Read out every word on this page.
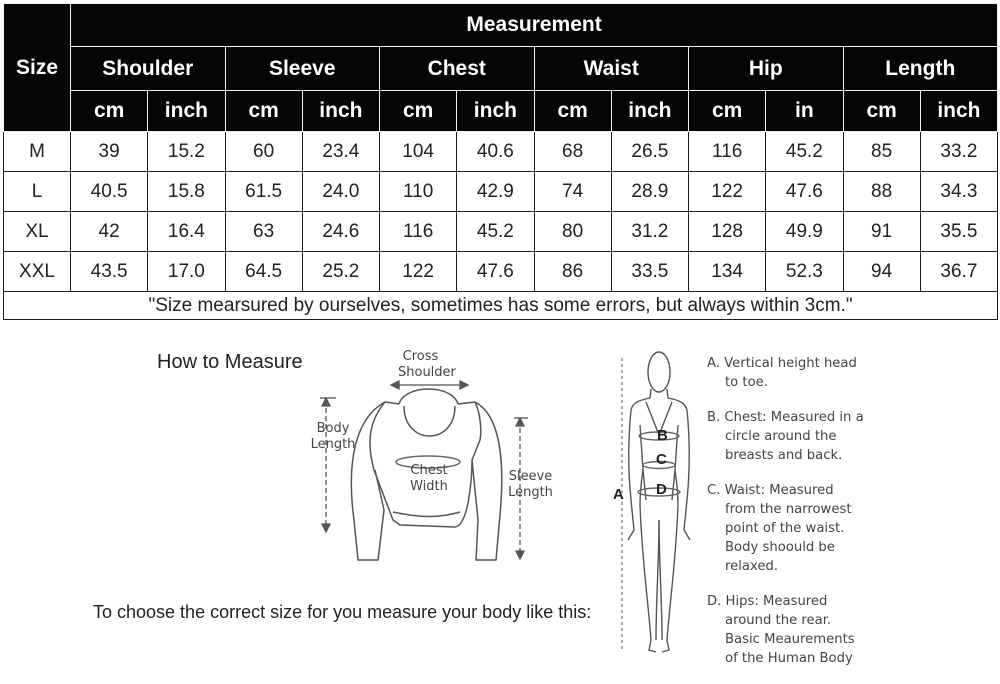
Size	Measurement											
	Shoulder		Sleeve		Chest		Waist		Hip		Length	
	cm	inch	cm	inch	cm	inch	cm	inch	cm	in	cm	inch
M	39	15.2	60	23.4	104	40.6	68	26.5	116	45.2	85	33.2
L	40.5	15.8	61.5	24.0	110	42.9	74	28.9	122	47.6	88	34.3
XL	42	16.4	63	24.6	116	45.2	80	31.2	128	49.9	91	35.5
XXL	43.5	17.0	64.5	25.2	122	47.6	86	33.5	134	52.3	94	36.7
"Size mearsured by ourselves, sometimes has some errors, but always within 3cm."												
How to Measure
To choose the correct size for you measure your body like this:
Cross
Shoulder
Body
Length
Chest
Width
Sleeve
Length	A
B
C
D

A. Vertical height head
to toe.

B. Chest: Measured in a
circle around the
breasts and back.

C. Waist: Measured
from the narrowest
point of the waist.
Body shoould be
relaxed.

D. Hips: Measured
around the rear.
Basic Meaurements
of the Human Body
